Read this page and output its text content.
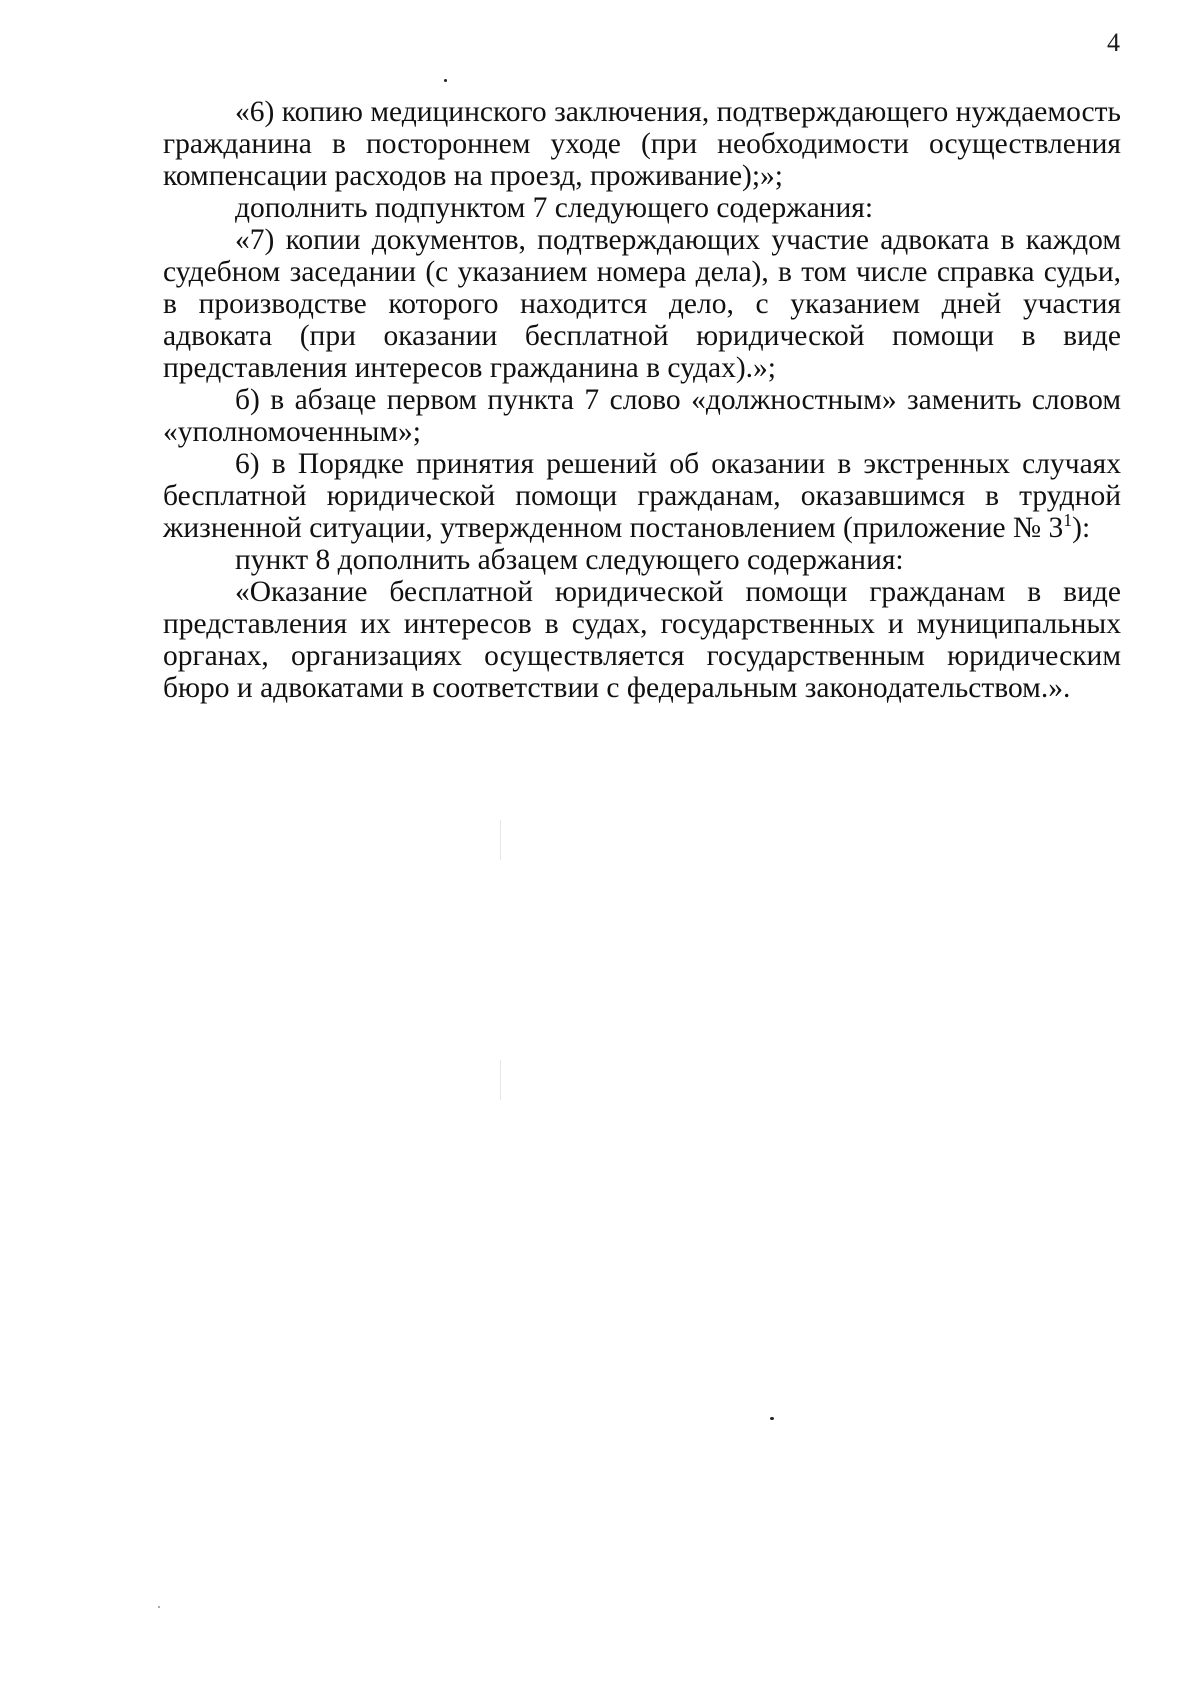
4

«6) копию медицинского заключения, подтверждающего нуждаемость гражданина в постороннем уходе (при необходимости осуществления компенсации расходов на проезд, проживание);»;

дополнить подпунктом 7 следующего содержания:

«7) копии документов, подтверждающих участие адвоката в каждом судебном заседании (с указанием номера дела), в том числе справка судьи, в производстве которого находится дело, с указанием дней участия адвоката (при оказании бесплатной юридической помощи в виде представления интересов гражданина в судах).»;

б) в абзаце первом пункта 7 слово «должностным» заменить словом «уполномоченным»;

6) в Порядке принятия решений об оказании в экстренных случаях бесплатной юридической помощи гражданам, оказавшимся в трудной жизненной ситуации, утвержденном постановлением (приложение № $3^1$):

пункт 8 дополнить абзацем следующего содержания:

«Оказание бесплатной юридической помощи гражданам в виде представления их интересов в судах, государственных и муниципальных органах, организациях осуществляется государственным юридическим бюро и адвокатами в соответствии с федеральным законодательством.».
